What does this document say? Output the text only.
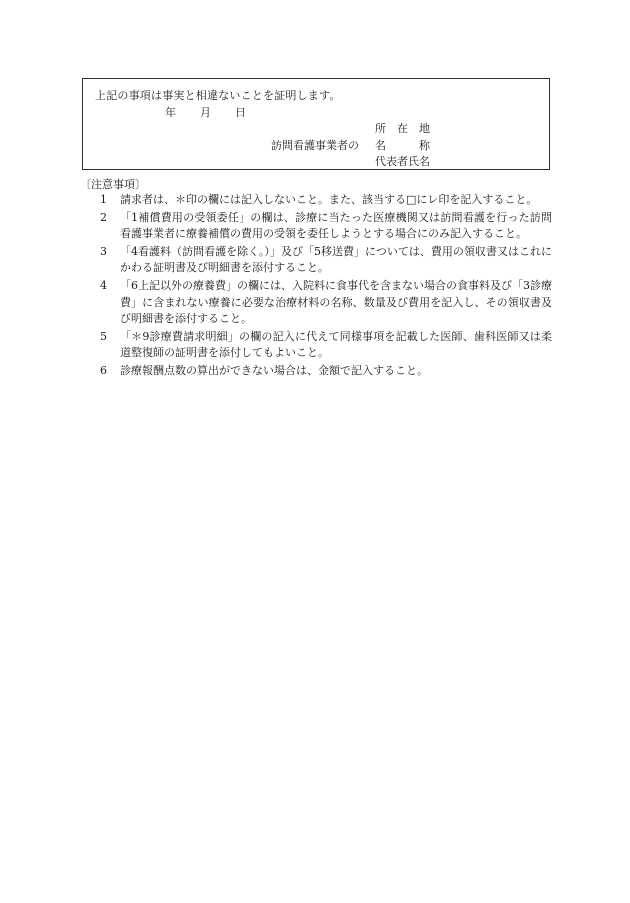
上記の事項は事実と相違ないことを証明します。
年 月 日
訪問看護事業者の
所　在　地
名　　　称
代表者氏名
〔注意事項〕
1	請求者は、＊印の欄には記入しないこと。また、該当する□にレ印を記入すること。
2	「1補償費用の受領委任」の欄は、診療に当たった医療機関又は訪問看護を行った訪問看護事業者に療養補償の費用の受領を委任しようとする場合にのみ記入すること。
3	「4看護料（訪問看護を除く。）」及び「5移送費」については、費用の領収書又はこれにかわる証明書及び明細書を添付すること。
4	「6上記以外の療養費」の欄には、入院料に食事代を含まない場合の食事料及び「3診療費」に含まれない療養に必要な治療材料の名称、数量及び費用を記入し、その領収書及び明細書を添付すること。
5	「＊9診療費請求明細」の欄の記入に代えて同様事項を記載した医師、歯科医師又は柔道整復師の証明書を添付してもよいこと。
6	診療報酬点数の算出ができない場合は、金額で記入すること。
